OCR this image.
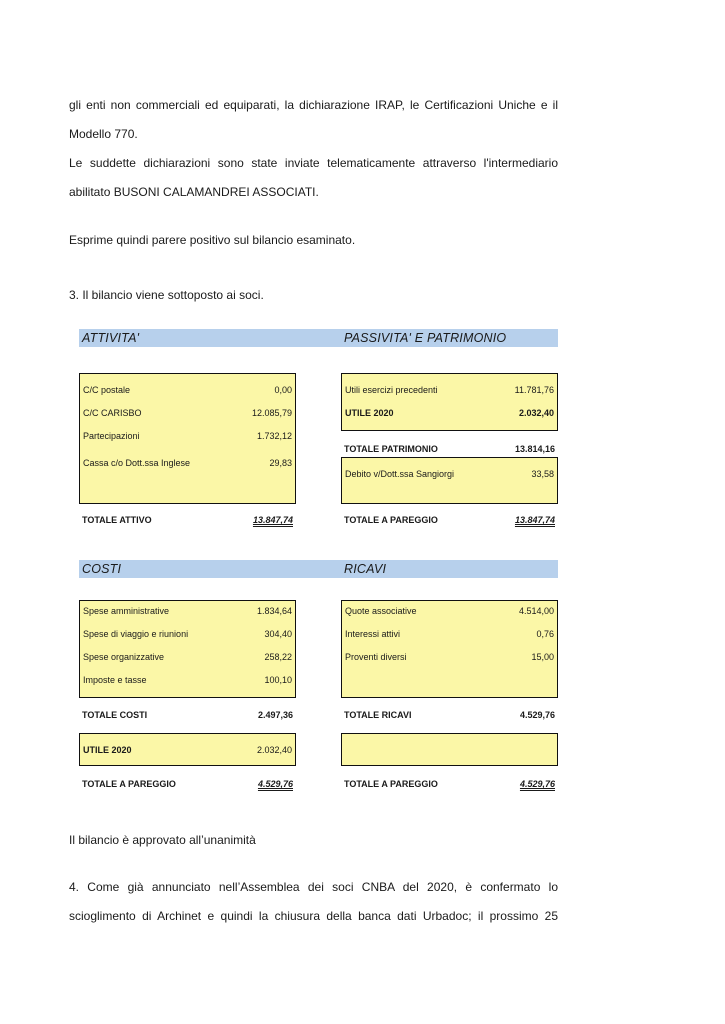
gli enti non commerciali ed equiparati, la dichiarazione IRAP, le Certificazioni Uniche e il

Modello 770.

Le suddette dichiarazioni sono state inviate telematicamente attraverso l'intermediario

abilitato BUSONI CALAMANDREI ASSOCIATI.

Esprime quindi parere positivo sul bilancio esaminato.

3. Il bilancio viene sottoposto ai soci.

ATTIVITA'	PASSIVITA' E PATRIMONIO
C/C postale	0,00
C/C CARISBO	12.085,79
Partecipazioni	1.732,12
Cassa c/o Dott.ssa Inglese	29,83
Utili esercizi precedenti	11.781,76
UTILE 2020	2.032,40
TOTALE PATRIMONIO	13.814,16
Debito v/Dott.ssa Sangiorgi	33,58
TOTALE ATTIVO	13.847,74	TOTALE A PAREGGIO	13.847,74
COSTI	RICAVI
Spese amministrative	1.834,64
Spese di viaggio e riunioni	304,40
Spese organizzative	258,22
Imposte e tasse	100,10
Quote associative	4.514,00
Interessi attivi	0,76
Proventi diversi	15,00
TOTALE COSTI	2.497,36	TOTALE RICAVI	4.529,76
UTILE 2020	2.032,40
TOTALE A PAREGGIO	4.529,76	TOTALE A PAREGGIO	4.529,76

Il bilancio è approvato all’unanimità

4. Come già annunciato nell’Assemblea dei soci CNBA del 2020, è confermato lo

scioglimento di Archinet e quindi la chiusura della banca dati Urbadoc; il prossimo 25
